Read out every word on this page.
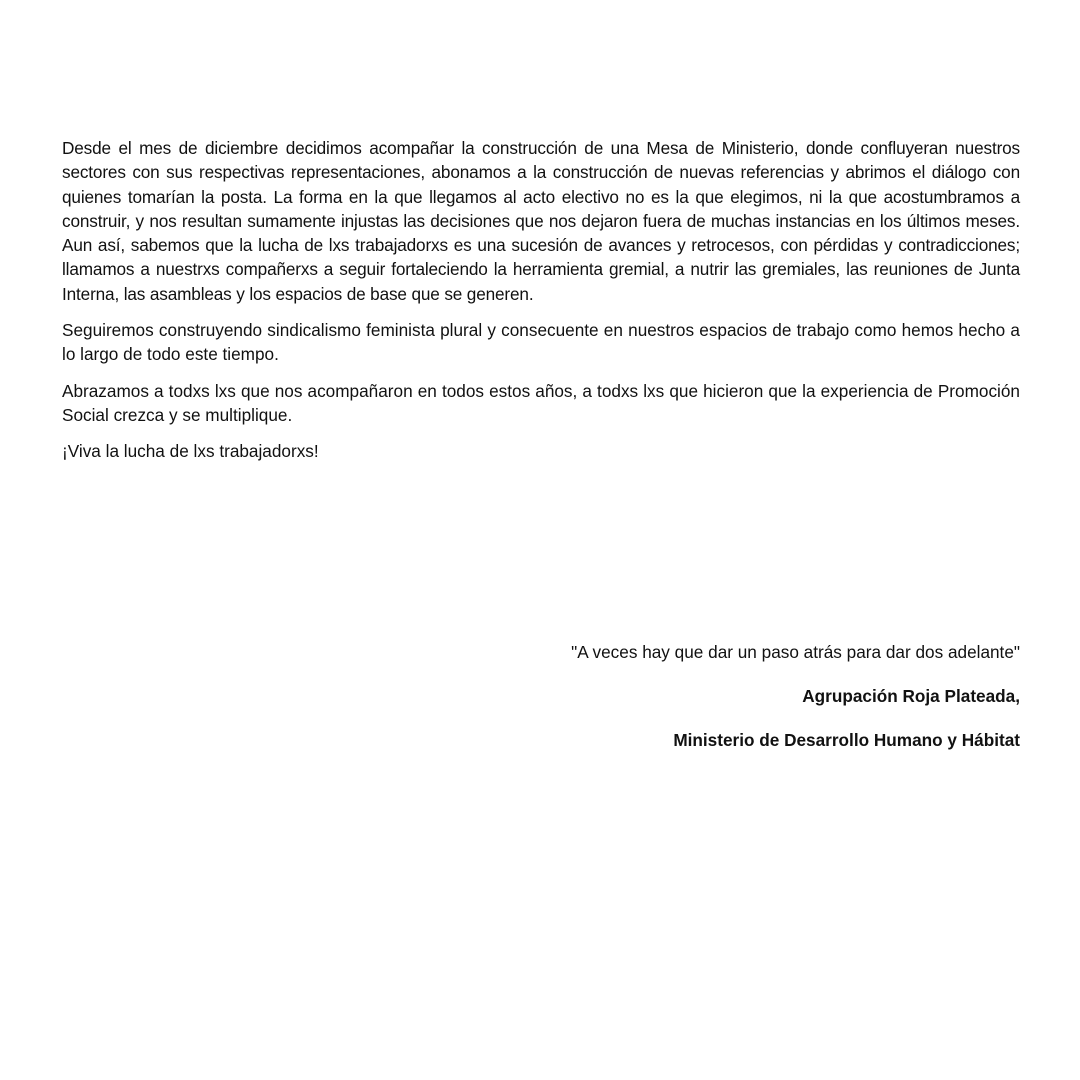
Desde el mes de diciembre decidimos acompañar la construcción de una Mesa de Ministerio, donde confluyeran nuestros sectores con sus respectivas representaciones, abonamos a la construcción de nuevas referencias y abrimos el diálogo con quienes tomarían la posta. La forma en la que llegamos al acto electivo no es la que elegimos, ni la que acostumbramos a construir, y nos resultan sumamente injustas las decisiones que nos dejaron fuera de muchas instancias en los últimos meses. Aun así, sabemos que la lucha de lxs trabajadorxs es una sucesión de avances y retrocesos, con pérdidas y contradicciones; llamamos a nuestrxs compañerxs a seguir fortaleciendo la herramienta gremial, a nutrir las gremiales, las reuniones de Junta Interna, las asambleas y los espacios de base que se generen.

Seguiremos construyendo sindicalismo feminista plural y consecuente en nuestros espacios de trabajo como hemos hecho a lo largo de todo este tiempo.

Abrazamos a todxs lxs que nos acompañaron en todos estos años, a todxs lxs que hicieron que la experiencia de Promoción Social crezca y se multiplique.

¡Viva la lucha de lxs trabajadorxs!

"A veces hay que dar un paso atrás para dar dos adelante"

Agrupación Roja Plateada,

Ministerio de Desarrollo Humano y Hábitat
